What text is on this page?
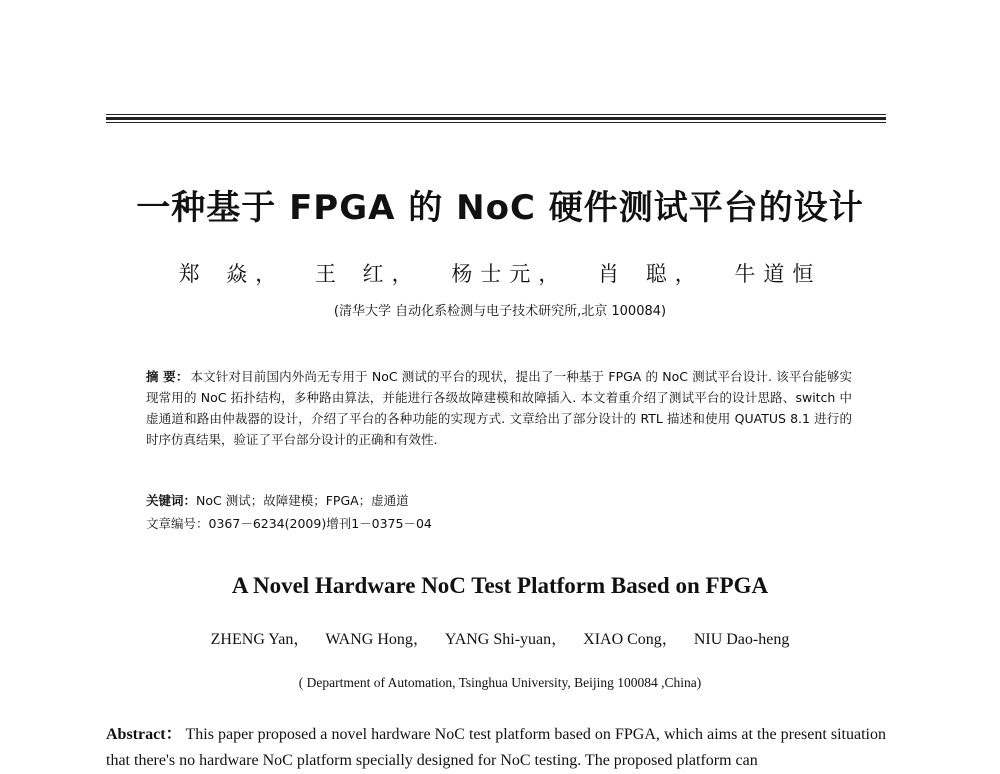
一种基于 FPGA 的 NoC 硬件测试平台的设计
郑 焱， 王 红， 杨士元， 肖 聪， 牛道恒
(清华大学 自动化系检测与电子技术研究所,北京 100084)
摘 要： 本文针对目前国内外尚无专用于 NoC 测试的平台的现状，提出了一种基于 FPGA 的 NoC 测试平台设计. 该平台能够实现常用的 NoC 拓扑结构，多种路由算法，并能进行各级故障建模和故障插入. 本文着重介绍了测试平台的设计思路、switch 中虚通道和路由仲裁器的设计，介绍了平台的各种功能的实现方式. 文章给出了部分设计的 RTL 描述和使用 QUATUS 8.1 进行的时序仿真结果，验证了平台部分设计的正确和有效性.
关键词：NoC 测试；故障建模；FPGA；虚通道
文章编号：0367－6234(2009)增刊1－0375－04
A Novel Hardware NoC Test Platform Based on FPGA
ZHENG Yan， WANG Hong， YANG Shi-yuan， XIAO Cong， NIU Dao-heng
( Department of Automation, Tsinghua University, Beijing 100084 ,China)
Abstract： This paper proposed a novel hardware NoC test platform based on FPGA, which aims at the present situation that there's no hardware NoC platform specially designed for NoC testing. The proposed platform can
